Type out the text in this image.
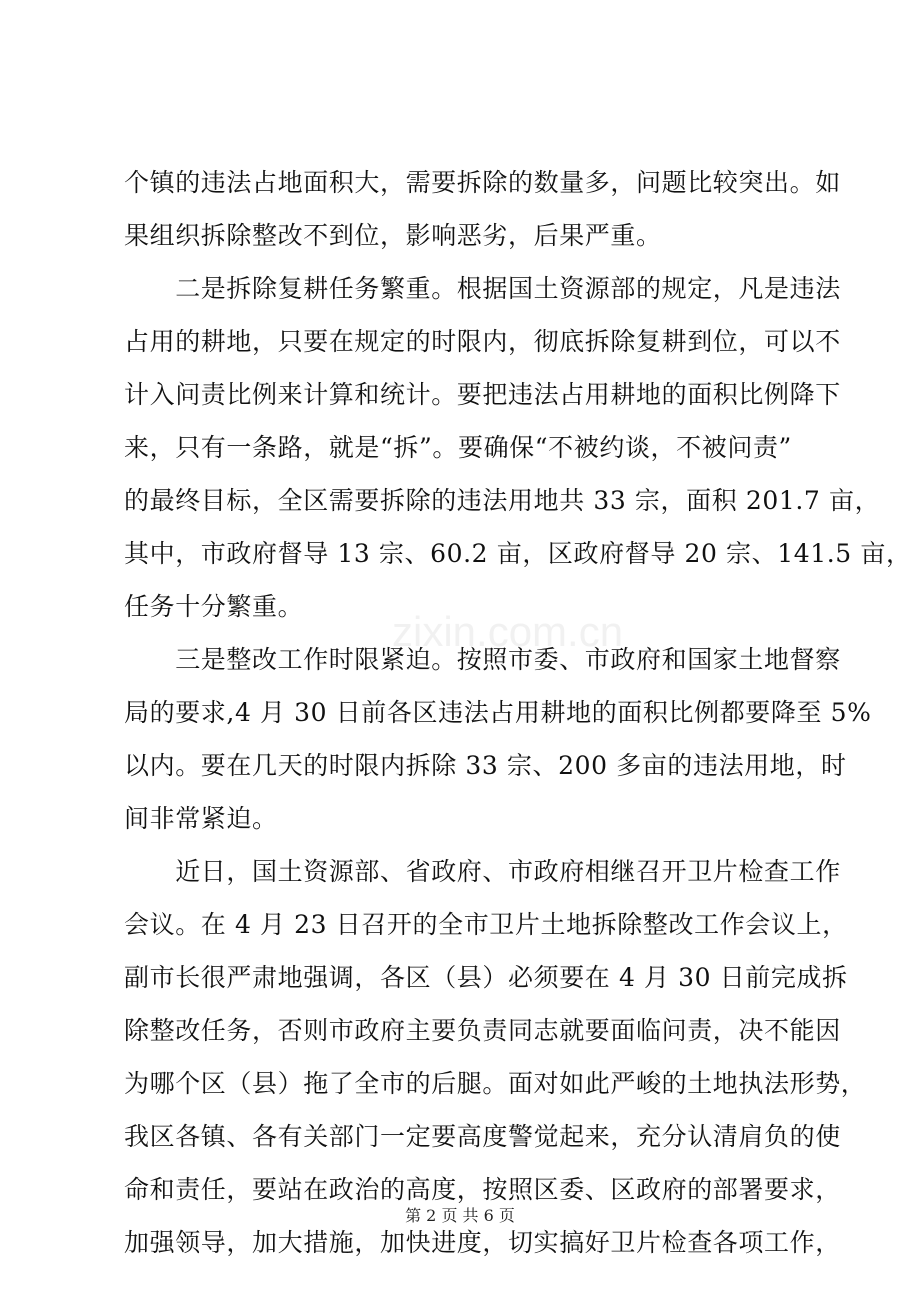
zixin.com.cn
个镇的违法占地面积大，需要拆除的数量多，问题比较突出。如
果组织拆除整改不到位，影响恶劣，后果严重。
　　二是拆除复耕任务繁重。根据国土资源部的规定，凡是违法
占用的耕地，只要在规定的时限内，彻底拆除复耕到位，可以不
计入问责比例来计算和统计。要把违法占用耕地的面积比例降下
来，只有一条路，就是“拆”。要确保“不被约谈，不被问责”
的最终目标，全区需要拆除的违法用地共 33 宗，面积 201.7 亩，
其中，市政府督导 13 宗、60.2 亩，区政府督导 20 宗、141.5 亩，
任务十分繁重。
　　三是整改工作时限紧迫。按照市委、市政府和国家土地督察
局的要求,4 月 30 日前各区违法占用耕地的面积比例都要降至 5%
以内。要在几天的时限内拆除 33 宗、200 多亩的违法用地，时
间非常紧迫。
　　近日，国土资源部、省政府、市政府相继召开卫片检查工作
会议。在 4 月 23 日召开的全市卫片土地拆除整改工作会议上，
副市长很严肃地强调，各区（县）必须要在 4 月 30 日前完成拆
除整改任务，否则市政府主要负责同志就要面临问责，决不能因
为哪个区（县）拖了全市的后腿。面对如此严峻的土地执法形势，
我区各镇、各有关部门一定要高度警觉起来，充分认清肩负的使
命和责任，要站在政治的高度，按照区委、区政府的部署要求，
加强领导，加大措施，加快进度，切实搞好卫片检查各项工作，
第 2 页 共 6 页
